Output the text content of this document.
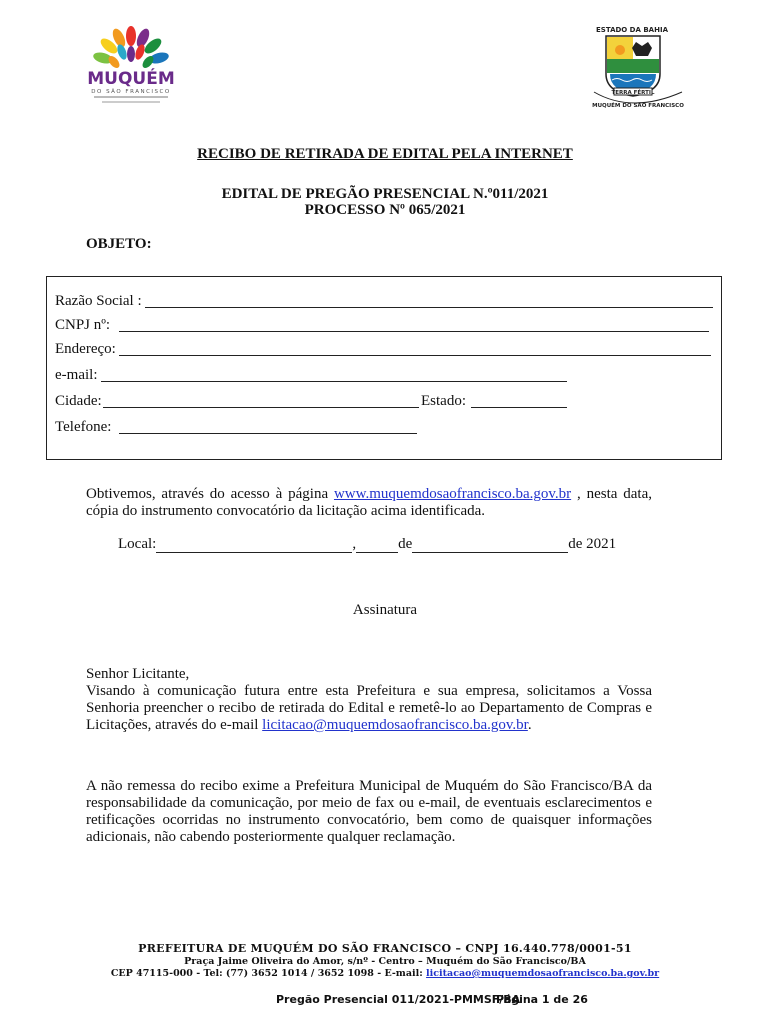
MUQUÉM
DO SÃO FRANCISCO
ESTADO DA BAHIA
TERRA FÉRTIL
MUQUÉM DO SÃO FRANCISCO
RECIBO DE RETIRADA DE EDITAL PELA INTERNET
EDITAL DE PREGÃO PRESENCIAL N.º011/2021
PROCESSO Nº 065/2021
OBJETO:
Razão Social :
CNPJ nº:
Endereço:
e-mail:
Cidade:	Estado:
Telefone:
Obtivemos, através do acesso à página www.muquemdosaofrancisco.ba.gov.br , nesta data, cópia do instrumento convocatório da licitação acima identificada.
Local:	,	de	de 2021
Assinatura
Senhor Licitante,
Visando à comunicação futura entre esta Prefeitura e sua empresa, solicitamos a Vossa Senhoria preencher o recibo de retirada do Edital e remetê-lo ao Departamento de Compras e Licitações, através do e-mail licitacao@muquemdosaofrancisco.ba.gov.br.
A não remessa do recibo exime a Prefeitura Municipal de Muquém do São Francisco/BA da responsabilidade da comunicação, por meio de fax ou e-mail, de eventuais esclarecimentos e retificações ocorridas no instrumento convocatório, bem como de quaisquer informações adicionais, não cabendo posteriormente qualquer reclamação.
PREFEITURA DE MUQUÉM DO SÃO FRANCISCO – CNPJ 16.440.778/0001-51
Praça Jaime Oliveira do Amor, s/nº - Centro – Muquém do São Francisco/BA
CEP 47115-000 - Tel: (77) 3652 1014 / 3652 1098 - E-mail: licitacao@muquemdosaofrancisco.ba.gov.br
Pregão Presencial 011/2021-PMMSF/BA
Página 1 de 26
